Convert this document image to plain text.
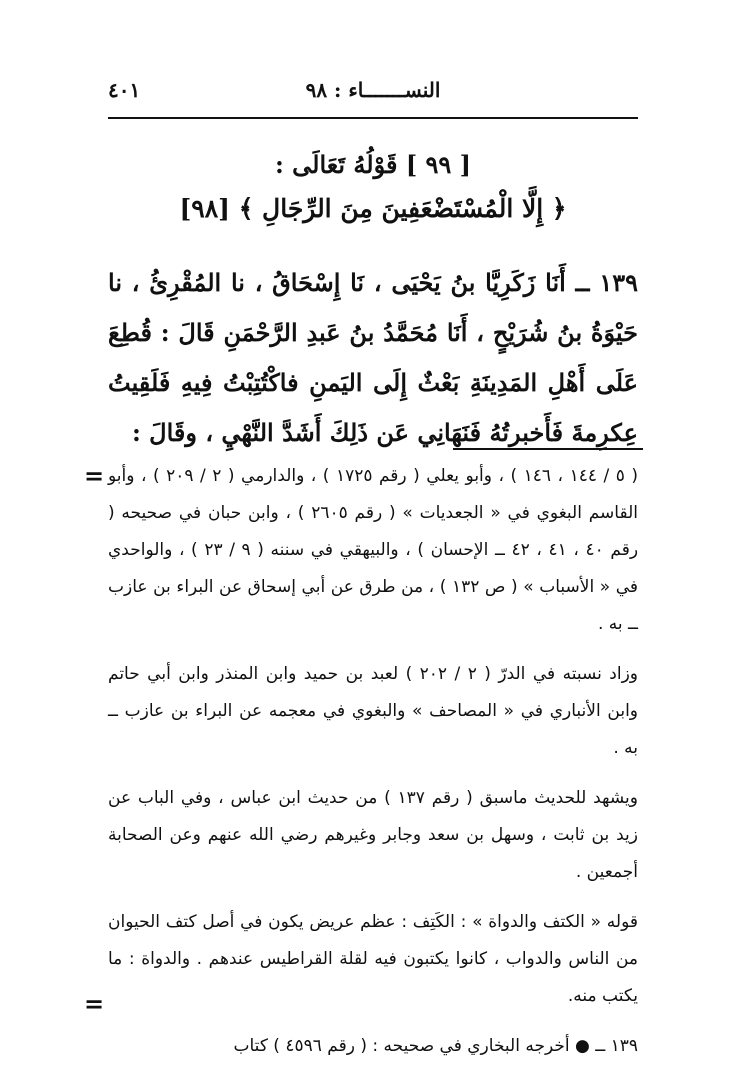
النســـــــاء : ٩٨
٤٠١
[ ٩٩ ] قَوْلُهُ تَعَالَى :
﴿ إِلَّا الْمُسْتَضْعَفِينَ مِنَ الرِّجَالِ ﴾ [٩٨]

١٣٩ ــ أَنَا زَكَرِيَّا بنُ يَحْيَى ، نَا إِسْحَاقُ ، نا المُقْرِئُ ، نا حَيْوَةُ بنُ شُرَيْحٍ ، أَنَا مُحَمَّدُ بنُ عَبدِ الرَّحْمَنِ قَالَ : قُطِعَ عَلَى أَهْلِ المَدِينَةِ بَعْثٌ إِلَى اليَمنِ فاكْتُتِبْتُ فِيهِ فَلَقِيتُ عِكرِمةَ فَأَخبرتُهُ فَنَهَانِي عَن ذَلِكَ أَشَدَّ النَّهْيِ ، وقَالَ :

= ( ٥ / ١٤٤ ، ١٤٦ ) ، وأبو يعلي ( رقم ١٧٢٥ ) ، والدارمي ( ٢ / ٢٠٩ ) ، وأبو القاسم البغوي في « الجعديات » ( رقم ٢٦٠٥ ) ، وابن حبان في صحيحه ( رقم ٤٠ ، ٤١ ، ٤٢ ــ الإحسان ) ، والبيهقي في سننه ( ٩ / ٢٣ ) ، والواحدي في « الأسباب » ( ص ١٣٢ ) ، من طرق عن أبي إسحاق عن البراء بن عازب ــ به .

وزاد نسبته في الدرّ ( ٢ / ٢٠٢ ) لعبد بن حميد وابن المنذر وابن أبي حاتم وابن الأنباري في « المصاحف » والبغوي في معجمه عن البراء بن عازب ــ به .

ويشهد للحديث ماسبق ( رقم ١٣٧ ) من حديث ابن عباس ، وفي الباب عن زيد بن ثابت ، وسهل بن سعد وجابر وغيرهم رضي الله عنهم وعن الصحابة أجمعين .

قوله « الكتف والدواة » : الكَتِف : عظم عريض يكون في أصل كتف الحيوان من الناس والدواب ، كانوا يكتبون فيه لقلة القراطيس عندهم . والدواة : ما يكتب منه.

١٣٩ ــ ● أخرجه البخاري في صحيحه : ( رقم ٤٥٩٦ ) كتاب

=
